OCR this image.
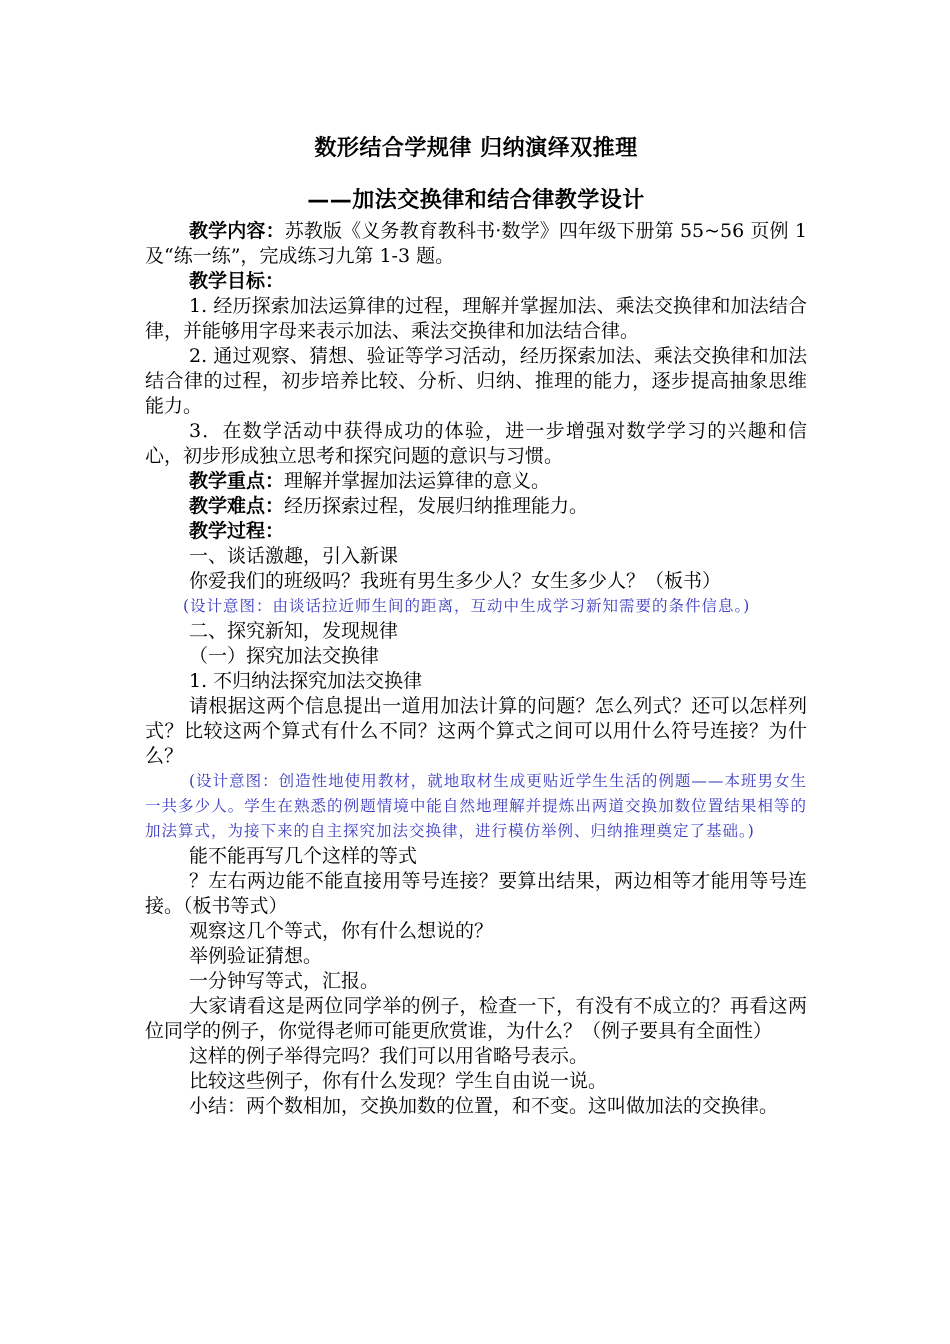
数形结合学规律 归纳演绎双推理
——加法交换律和结合律教学设计

教学内容：苏教版《义务教育教科书·数学》四年级下册第 55~56 页例 1 及“练一练”，完成练习九第 1-3 题。

教学目标：

1. 经历探索加法运算律的过程，理解并掌握加法、乘法交换律和加法结合律，并能够用字母来表示加法、乘法交换律和加法结合律。

2. 通过观察、猜想、验证等学习活动，经历探索加法、乘法交换律和加法结合律的过程，初步培养比较、分析、归纳、推理的能力，逐步提高抽象思维能力。

3．在数学活动中获得成功的体验，进一步增强对数学学习的兴趣和信心，初步形成独立思考和探究问题的意识与习惯。

教学重点：理解并掌握加法运算律的意义。

教学难点：经历探索过程，发展归纳推理能力。

教学过程：

一、谈话激趣，引入新课

你爱我们的班级吗？我班有男生多少人？女生多少人？（板书）

(设计意图：由谈话拉近师生间的距离，互动中生成学习新知需要的条件信息。)

二、探究新知，发现规律

（一）探究加法交换律

1. 不归纳法探究加法交换律

请根据这两个信息提出一道用加法计算的问题？怎么列式？还可以怎样列式？比较这两个算式有什么不同？这两个算式之间可以用什么符号连接？为什么？

(设计意图：创造性地使用教材，就地取材生成更贴近学生生活的例题——本班男女生一共多少人。学生在熟悉的例题情境中能自然地理解并提炼出两道交换加数位置结果相等的加法算式，为接下来的自主探究加法交换律，进行模仿举例、归纳推理奠定了基础。)

能不能再写几个这样的等式

？左右两边能不能直接用等号连接？要算出结果，两边相等才能用等号连接。（板书等式）

观察这几个等式，你有什么想说的？

举例验证猜想。

一分钟写等式，汇报。

大家请看这是两位同学举的例子，检查一下，有没有不成立的？再看这两位同学的例子，你觉得老师可能更欣赏谁，为什么？（例子要具有全面性）

这样的例子举得完吗？我们可以用省略号表示。

比较这些例子，你有什么发现？学生自由说一说。

小结：两个数相加，交换加数的位置，和不变。这叫做加法的交换律。
